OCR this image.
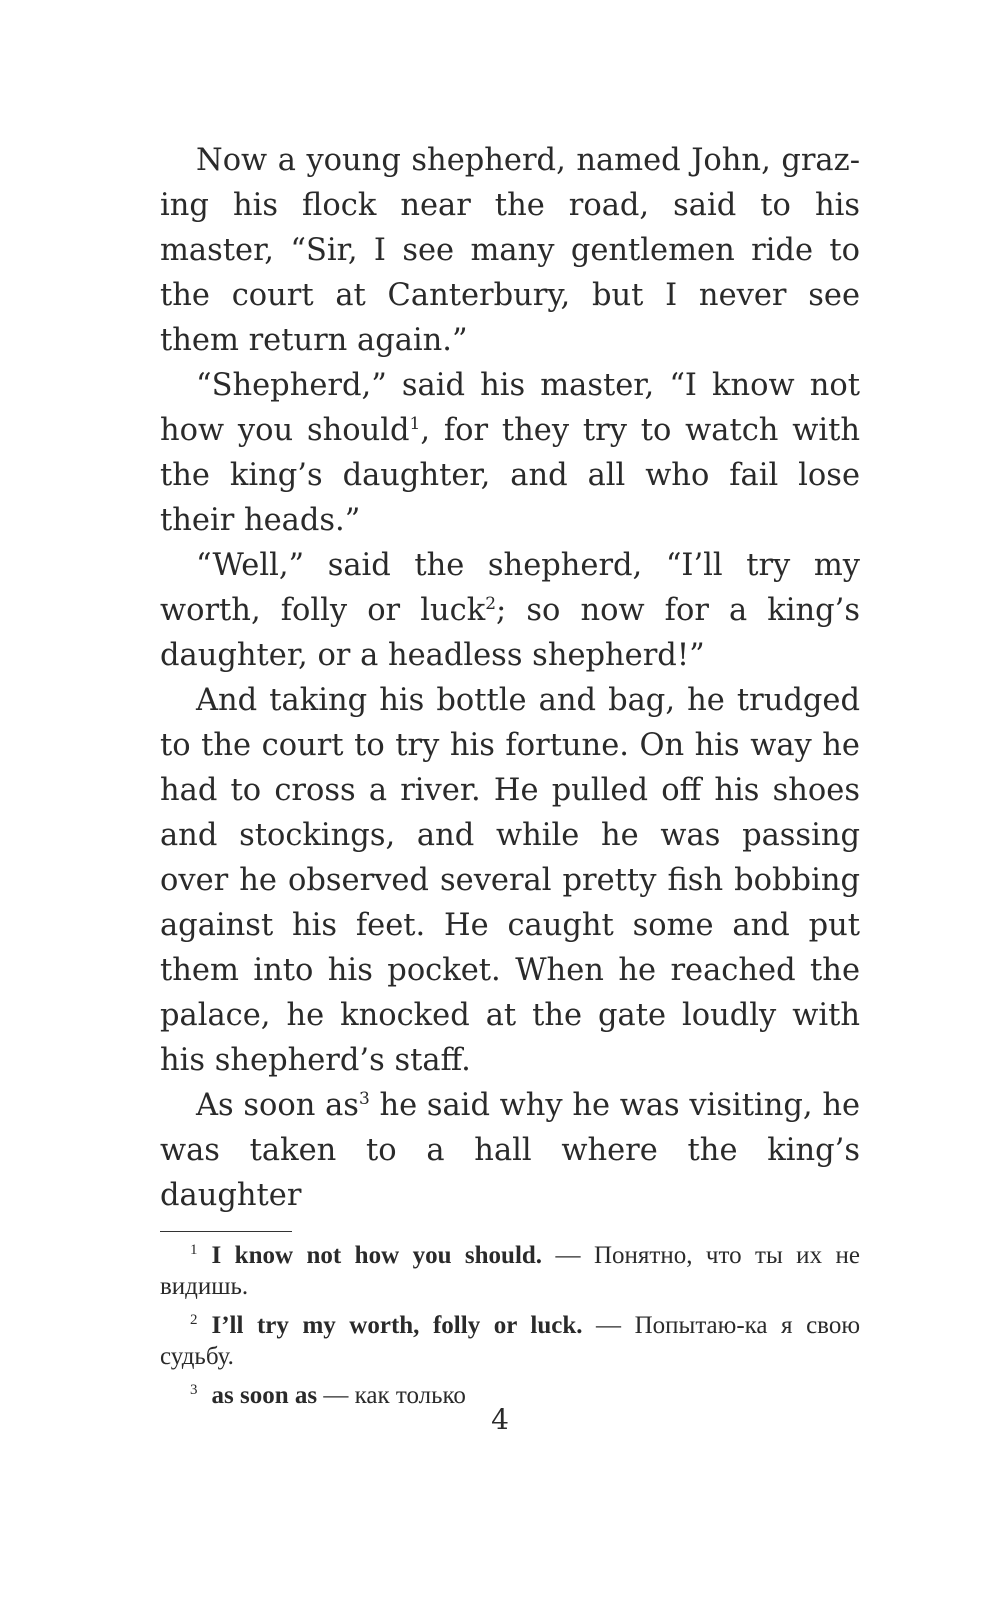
Now a young shepherd, named John, grazing his flock near the road, said to his master, “Sir, I see many gentlemen ride to the court at Canterbury, but I never see them return again.”

“Shepherd,” said his master, “I know not how you should$^1$, for they try to watch with the king’s daughter, and all who fail lose their heads.”

“Well,” said the shepherd, “I’ll try my worth, folly or luck$^2$; so now for a king’s daughter, or a headless shepherd!”

And taking his bottle and bag, he trudged to the court to try his fortune. On his way he had to cross a river. He pulled off his shoes and stockings, and while he was passing over he observed several pretty fish bobbing against his feet. He caught some and put them into his pocket. When he reached the palace, he knocked at the gate loudly with his shepherd’s staff.

As soon as$^3$ he said why he was visiting, he was taken to a hall where the king’s daughter

$^1$ I know not how you should. — Понятно, что ты их не видишь.

$^2$ I’ll try my worth, folly or luck. — Попытаю-ка я свою судьбу.

$^3$ as soon as — как только

4
